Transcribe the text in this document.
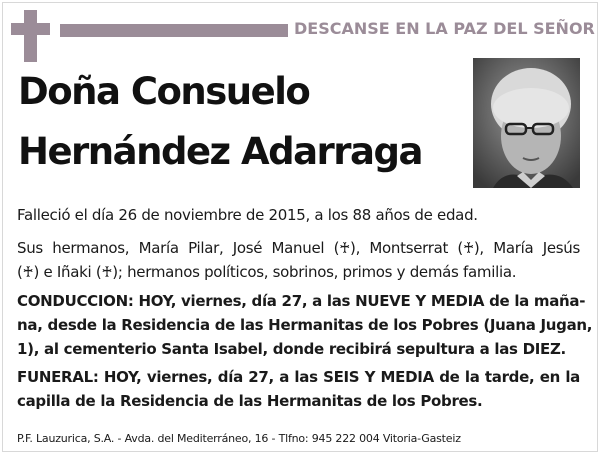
DESCANSE EN LA PAZ DEL SEÑOR
Doña Consuelo
Hernández Adarraga
Falleció el día 26 de noviembre de 2015, a los 88 años de edad.
Sus hermanos, María Pilar, José Manuel (♰), Montserrat (♰), María Jesús
(♰) e Iñaki (♰); hermanos políticos, sobrinos, primos y demás familia.
CONDUCCION: HOY, viernes, día 27, a las NUEVE Y MEDIA de la maña-
na, desde la Residencia de las Hermanitas de los Pobres (Juana Jugan,
1), al cementerio Santa Isabel, donde recibirá sepultura a las DIEZ.
FUNERAL: HOY, viernes, día 27, a las SEIS Y MEDIA de la tarde, en la
capilla de la Residencia de las Hermanitas de los Pobres.
P.F. Lauzurica, S.A. - Avda. del Mediterráneo, 16 - Tlfno: 945 222 004 Vitoria-Gasteiz
